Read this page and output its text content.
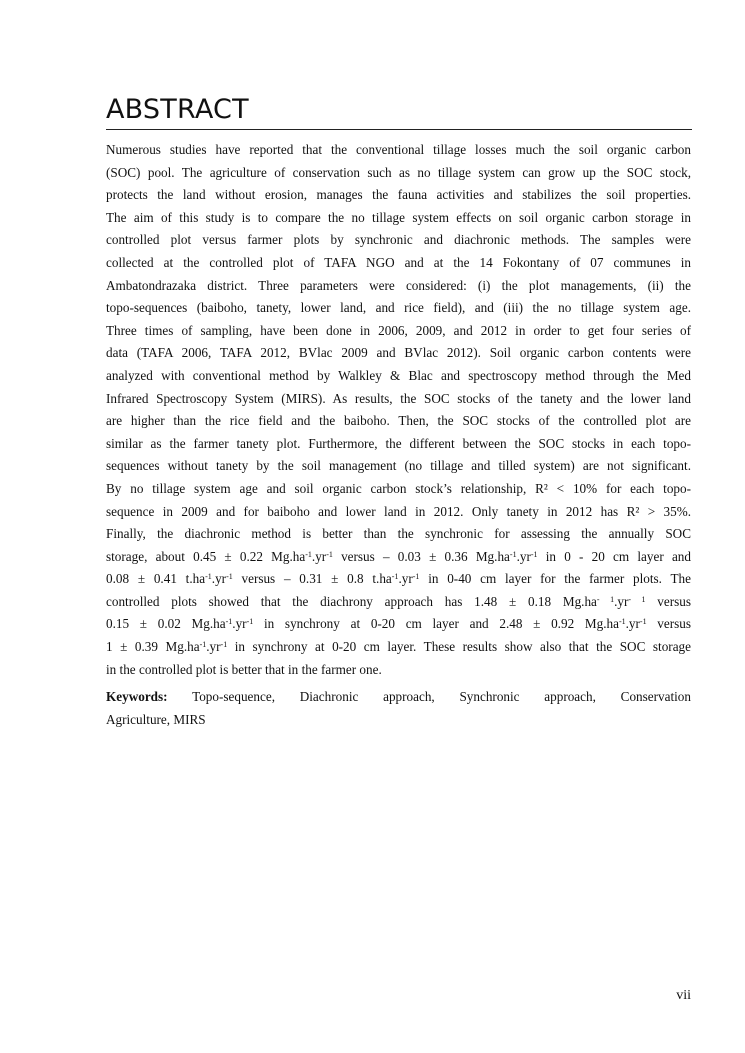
ABSTRACT
Numerous studies have reported that the conventional tillage losses much the soil organic carbon
(SOC) pool. The agriculture of conservation such as no tillage system can grow up the SOC stock,
protects the land without erosion, manages the fauna activities and stabilizes the soil properties.
The aim of this study is to compare the no tillage system effects on soil organic carbon storage in
controlled plot versus farmer plots by synchronic and diachronic methods. The samples were
collected at the controlled plot of TAFA NGO and at the 14 Fokontany of 07 communes in
Ambatondrazaka district. Three parameters were considered: (i) the plot managements, (ii) the
topo-sequences (baiboho, tanety, lower land, and rice field), and (iii) the no tillage system age.
Three times of sampling, have been done in 2006, 2009, and 2012 in order to get four series of
data (TAFA 2006, TAFA 2012, BVlac 2009 and BVlac 2012). Soil organic carbon contents were
analyzed with conventional method by Walkley & Blac and spectroscopy method through the Med
Infrared Spectroscopy System (MIRS). As results, the SOC stocks of the tanety and the lower land
are higher than the rice field and the baiboho. Then, the SOC stocks of the controlled plot are
similar as the farmer tanety plot. Furthermore, the different between the SOC stocks in each topo-
sequences without tanety by the soil management (no tillage and tilled system) are not significant.
By no tillage system age and soil organic carbon stock’s relationship, R² < 10% for each topo-
sequence in 2009 and for baiboho and lower land in 2012. Only tanety in 2012 has R² > 35%.
Finally, the diachronic method is better than the synchronic for assessing the annually SOC
storage, about 0.45 ± 0.22 $Mg.ha^{-1}.yr^{-1}$ versus – 0.03 ± 0.36 $Mg.ha^{-1}.yr^{-1}$ in 0 - 20 cm layer and
0.08 ± 0.41 $t.ha^{-1}.yr^{-1}$ versus – 0.31 ± 0.8 $t.ha^{-1}.yr^{-1}$ in 0-40 cm layer for the farmer plots. The
controlled plots showed that the diachrony approach has 1.48 ± 0.18 $Mg.ha^{- 1}.yr^{- 1}$ versus
0.15 ± 0.02 $Mg.ha^{-1}.yr^{-1}$ in synchrony at 0-20 cm layer and 2.48 ± 0.92 $Mg.ha^{-1}.yr^{-1}$ versus
1 ± 0.39 $Mg.ha^{-1}.yr^{-1}$ in synchrony at 0-20 cm layer. These results show also that the SOC storage
in the controlled plot is better that in the farmer one.
Keywords: Topo-sequence, Diachronic approach, Synchronic approach, Conservation
Agriculture, MIRS
vii
